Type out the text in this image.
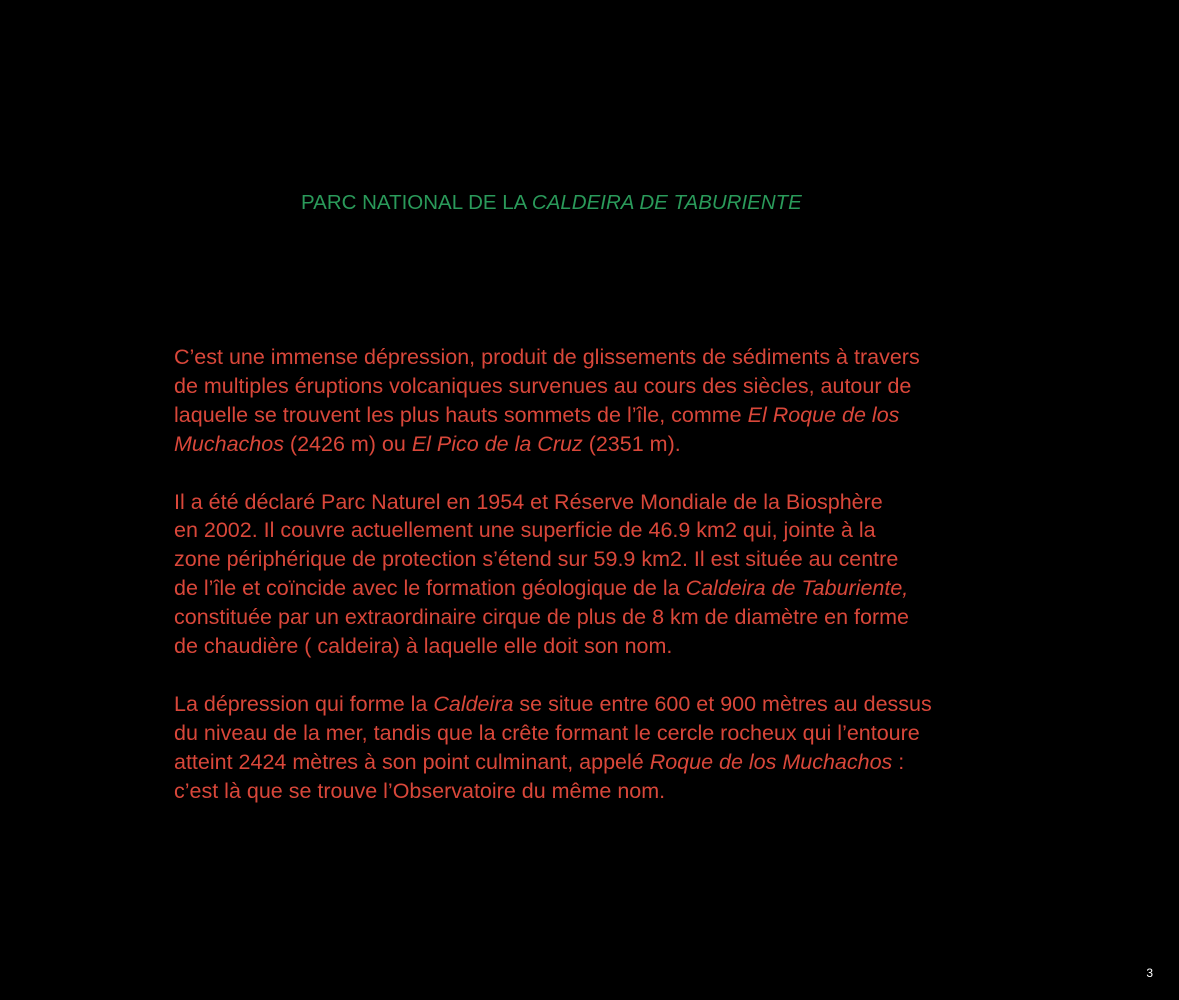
PARC NATIONAL DE LA CALDEIRA DE TABURIENTE

C’est une immense dépression, produit de glissements de sédiments à travers
de multiples éruptions volcaniques survenues au cours des siècles, autour de
laquelle se trouvent les plus hauts sommets de l’île, comme El Roque de los
Muchachos (2426 m) ou El Pico de la Cruz (2351 m).

Il a été déclaré Parc Naturel en 1954 et Réserve Mondiale de la Biosphère
en 2002. Il couvre actuellement une superficie de 46.9 km2 qui, jointe à la
zone périphérique de protection s’étend sur 59.9 km2. Il est située au centre
de l’île et coïncide avec le formation géologique de la Caldeira de Taburiente,
constituée par un extraordinaire cirque de plus de 8 km de diamètre en forme
de chaudière ( caldeira) à laquelle elle doit son nom.

La dépression qui forme la Caldeira se situe entre 600 et 900 mètres au dessus
du niveau de la mer, tandis que la crête formant le cercle rocheux qui l’entoure
atteint 2424 mètres à son point culminant, appelé Roque de los Muchachos :
c’est là que se trouve l’Observatoire du même nom.

3
